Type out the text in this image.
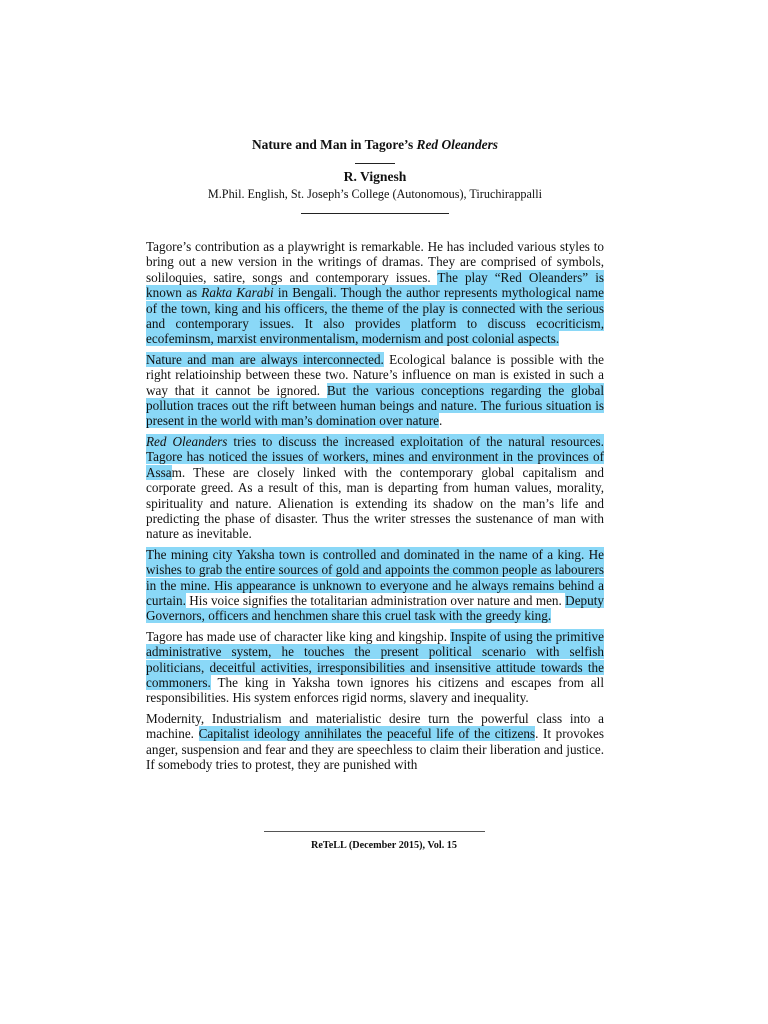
Nature and Man in Tagore’s Red Oleanders
R. Vignesh
M.Phil. English, St. Joseph’s College (Autonomous), Tiruchirappalli

Tagore’s contribution as a playwright is remarkable. He has included various styles to bring out a new version in the writings of dramas. They are comprised of symbols, soliloquies, satire, songs and contemporary issues. The play “Red Oleanders” is known as Rakta Karabi in Bengali. Though the author represents mythological name of the town, king and his officers, the theme of the play is connected with the serious and contemporary issues. It also provides platform to discuss ecocriticism, ecofeminsm, marxist environmentalism, modernism and post colonial aspects.

Nature and man are always interconnected. Ecological balance is possible with the right relatioinship between these two. Nature’s influence on man is existed in such a way that it cannot be ignored. But the various conceptions regarding the global pollution traces out the rift between human beings and nature. The furious situation is present in the world with man’s domination over nature.

Red Oleanders tries to discuss the increased exploitation of the natural resources. Tagore has noticed the issues of workers, mines and environment in the provinces of Assam. These are closely linked with the contemporary global capitalism and corporate greed. As a result of this, man is departing from human values, morality, spirituality and nature. Alienation is extending its shadow on the man’s life and predicting the phase of disaster. Thus the writer stresses the sustenance of man with nature as inevitable.

The mining city Yaksha town is controlled and dominated in the name of a king. He wishes to grab the entire sources of gold and appoints the common people as labourers in the mine. His appearance is unknown to everyone and he always remains behind a curtain. His voice signifies the totalitarian administration over nature and men. Deputy Governors, officers and henchmen share this cruel task with the greedy king.

Tagore has made use of character like king and kingship. Inspite of using the primitive administrative system, he touches the present political scenario with selfish politicians, deceitful activities, irresponsibilities and insensitive attitude towards the commoners. The king in Yaksha town ignores his citizens and escapes from all responsibilities. His system enforces rigid norms, slavery and inequality.

Modernity, Industrialism and materialistic desire turn the powerful class into a machine. Capitalist ideology annihilates the peaceful life of the citizens. It provokes anger, suspension and fear and they are speechless to claim their liberation and justice. If somebody tries to protest, they are punished with

ReTeLL (December 2015), Vol. 15
